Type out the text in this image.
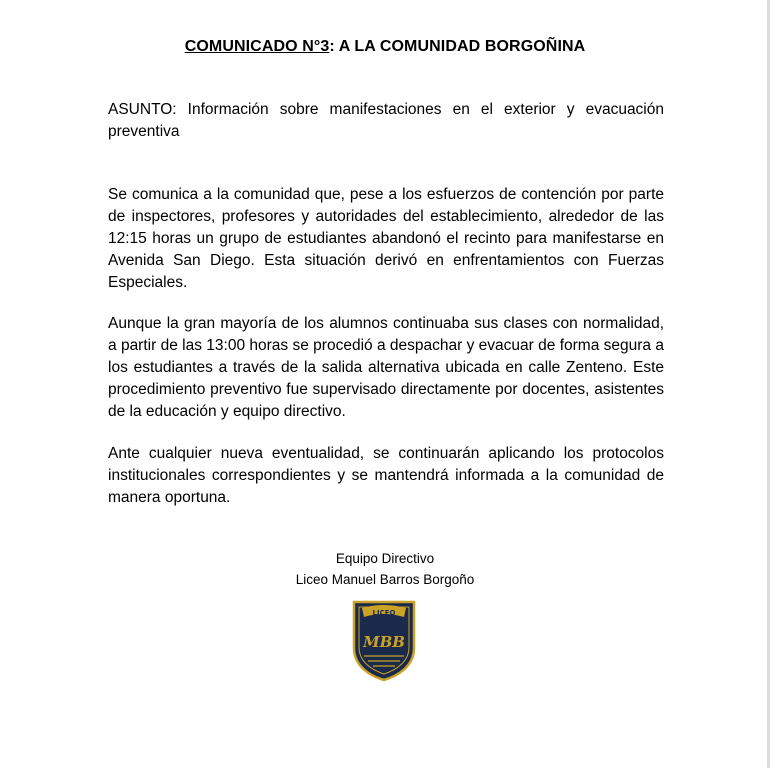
COMUNICADO N°3: A LA COMUNIDAD BORGOÑINA
ASUNTO: Información sobre manifestaciones en el exterior y evacuación preventiva
Se comunica a la comunidad que, pese a los esfuerzos de contención por parte de inspectores, profesores y autoridades del establecimiento, alrededor de las 12:15 horas un grupo de estudiantes abandonó el recinto para manifestarse en Avenida San Diego. Esta situación derivó en enfrentamientos con Fuerzas Especiales.
Aunque la gran mayoría de los alumnos continuaba sus clases con normalidad, a partir de las 13:00 horas se procedió a despachar y evacuar de forma segura a los estudiantes a través de la salida alternativa ubicada en calle Zenteno. Este procedimiento preventivo fue supervisado directamente por docentes, asistentes de la educación y equipo directivo.
Ante cualquier nueva eventualidad, se continuarán aplicando los protocolos institucionales correspondientes y se mantendrá informada a la comunidad de manera oportuna.
Equipo Directivo
Liceo Manuel Barros Borgoño
LICEO
MBB
